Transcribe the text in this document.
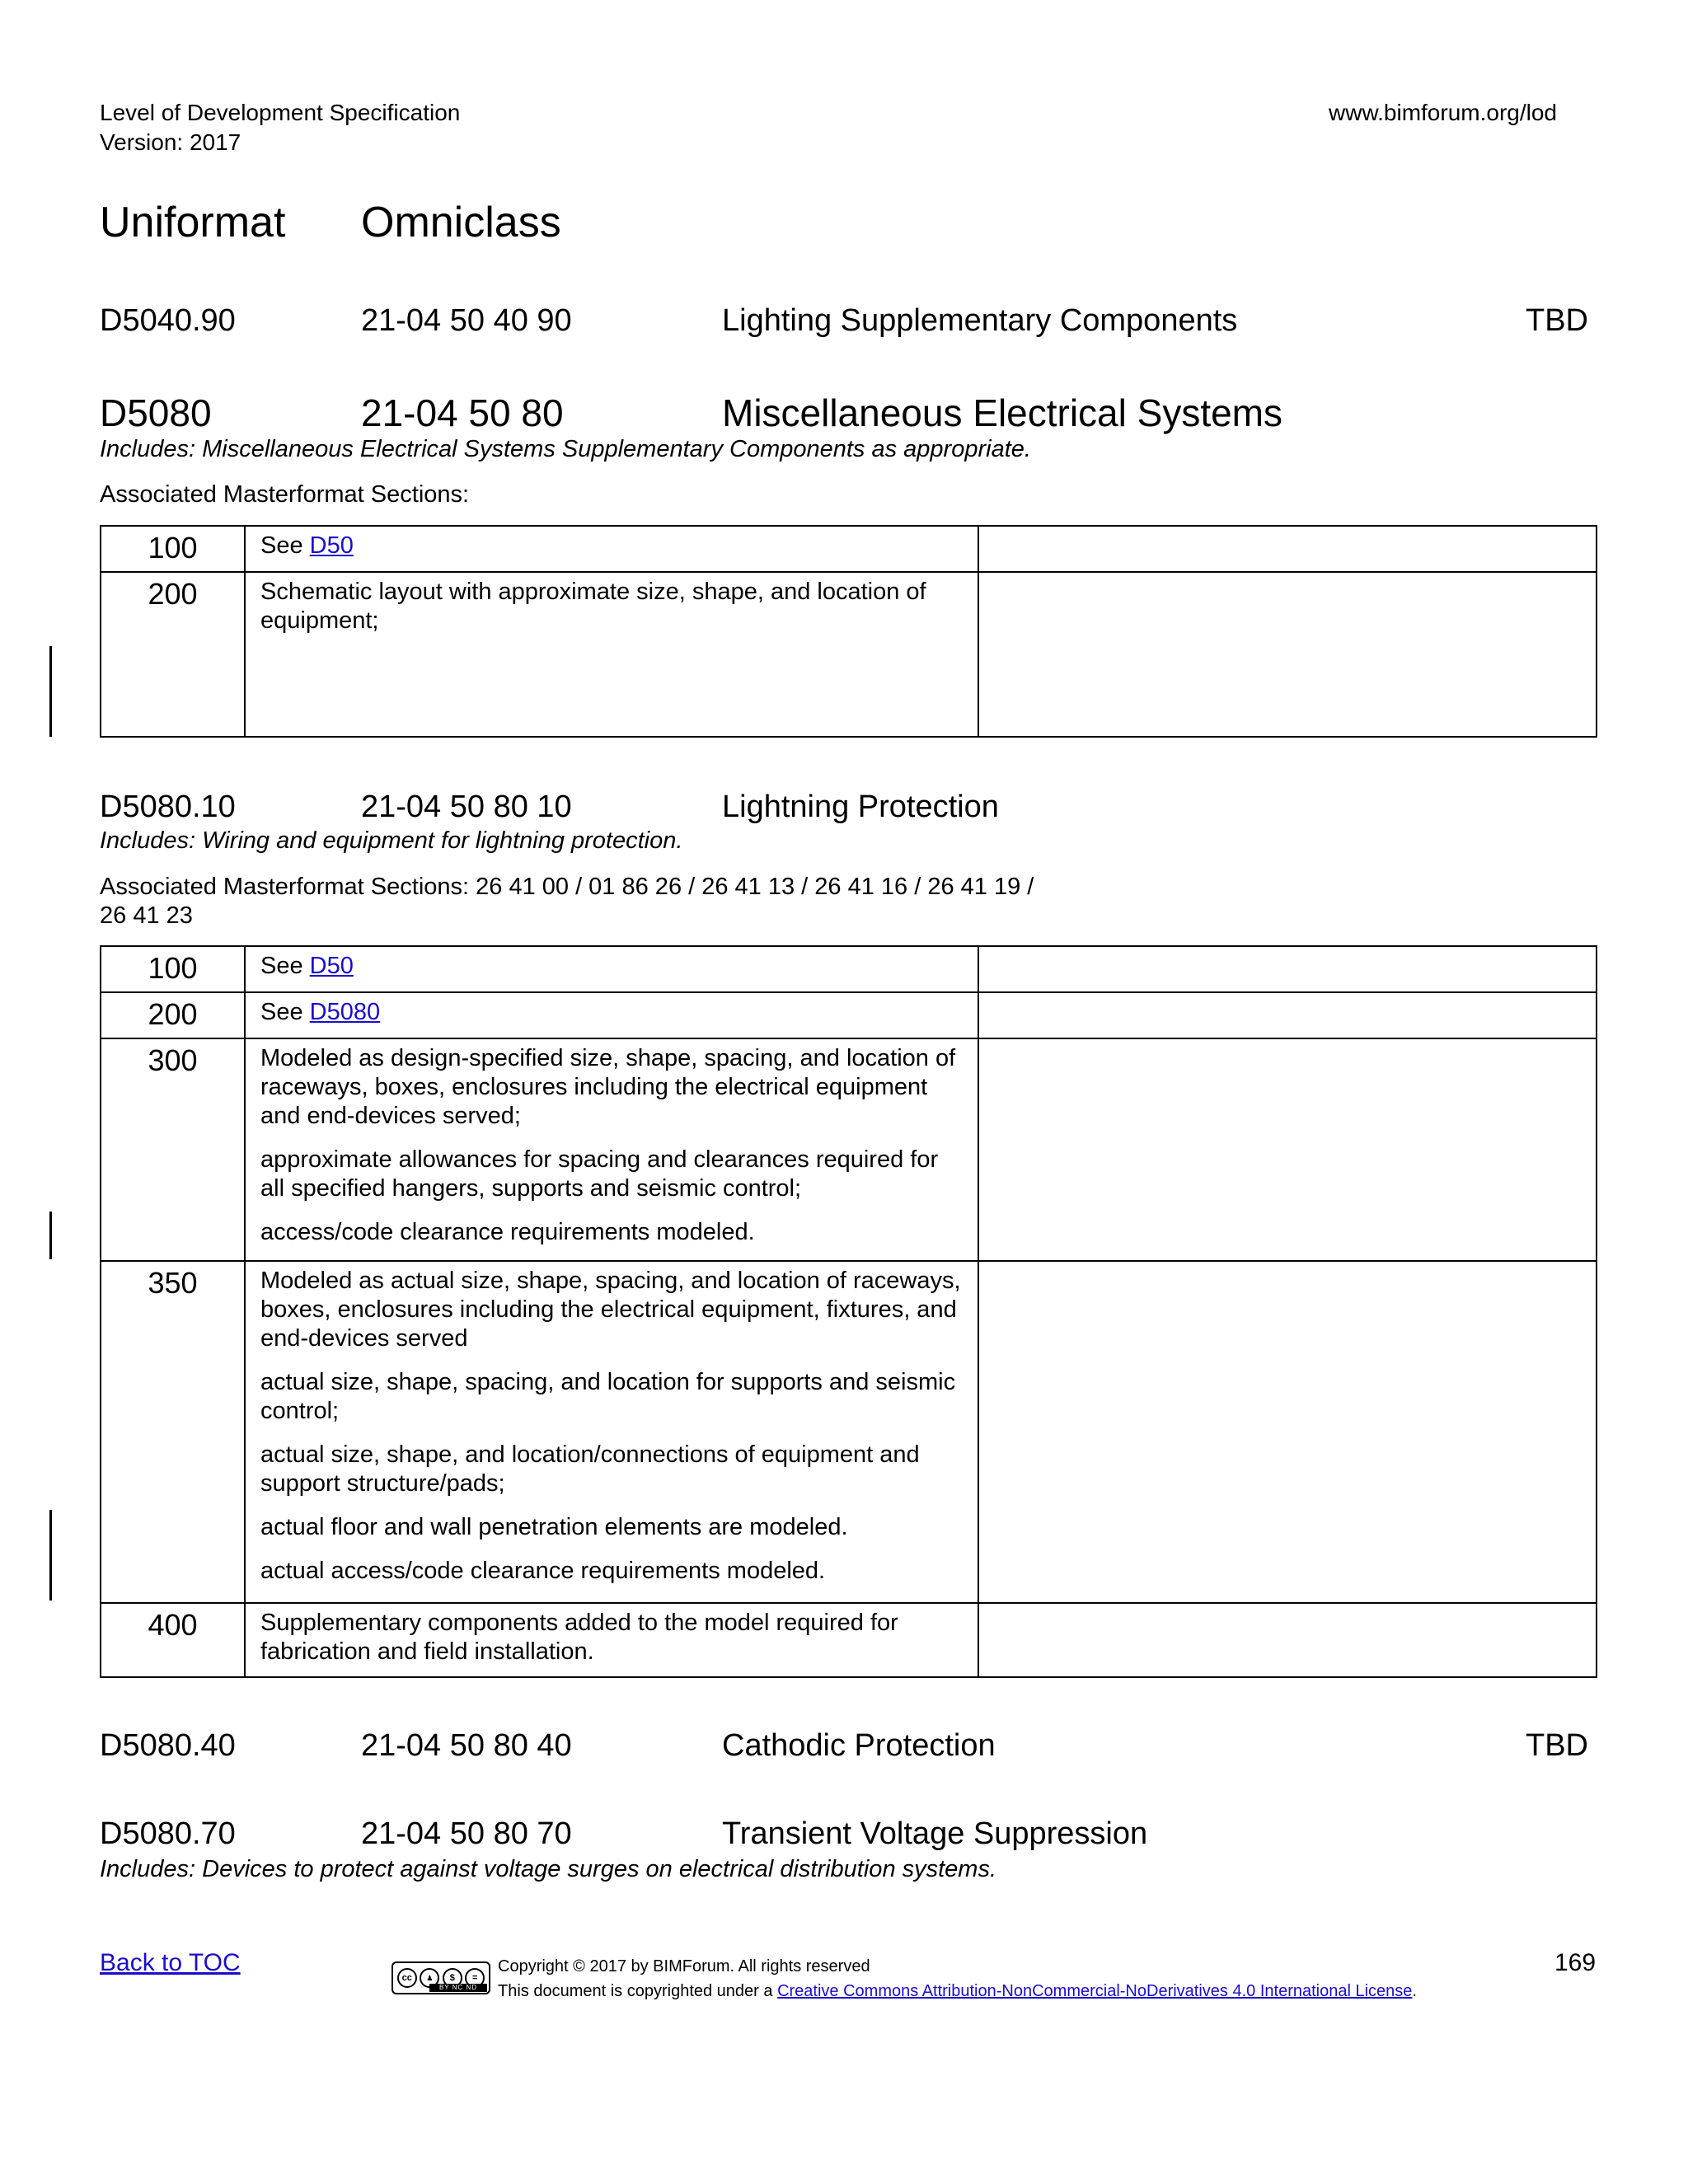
Level of Development Specification
Version: 2017
www.bimforum.org/lod
Uniformat Omniclass
D5040.90	21-04 50 40 90	Lighting Supplementary Components	TBD
D5080	21-04 50 80	Miscellaneous Electrical Systems
Includes: Miscellaneous Electrical Systems Supplementary Components as appropriate.
Associated Masterformat Sections:
100	See D50	
200	Schematic layout with approximate size, shape, and location of equipment;	
D5080.10	21-04 50 80 10	Lightning Protection
Includes: Wiring and equipment for lightning protection.
Associated Masterformat Sections: 26 41 00 / 01 86 26 / 26 41 13 / 26 41 16 / 26 41 19 /
26 41 23
100	See D50	
200	See D5080	
300	Modeled as design-specified size, shape, spacing, and location of raceways, boxes, enclosures including the electrical equipment and end-devices served;

approximate allowances for spacing and clearances required for all specified hangers, supports and seismic control;

access/code clearance requirements modeled.	

350	Modeled as actual size, shape, spacing, and location of raceways, boxes, enclosures including the electrical equipment, fixtures, and end-devices served

actual size, shape, spacing, and location for supports and seismic control;

actual size, shape, and location/connections of equipment and support structure/pads;

actual floor and wall penetration elements are modeled.

actual access/code clearance requirements modeled.	

400	Supplementary components added to the model required for fabrication and field installation.	
D5080.40	21-04 50 80 40	Cathodic Protection	TBD
D5080.70	21-04 50 80 70	Transient Voltage Suppression
Includes: Devices to protect against voltage surges on electrical distribution systems.
Back to TOC
cc	♟	$	=
BY NC ND
Copyright © 2017 by BIMForum. All rights reserved
This document is copyrighted under a Creative Commons Attribution-NonCommercial-NoDerivatives 4.0 International License.
169
